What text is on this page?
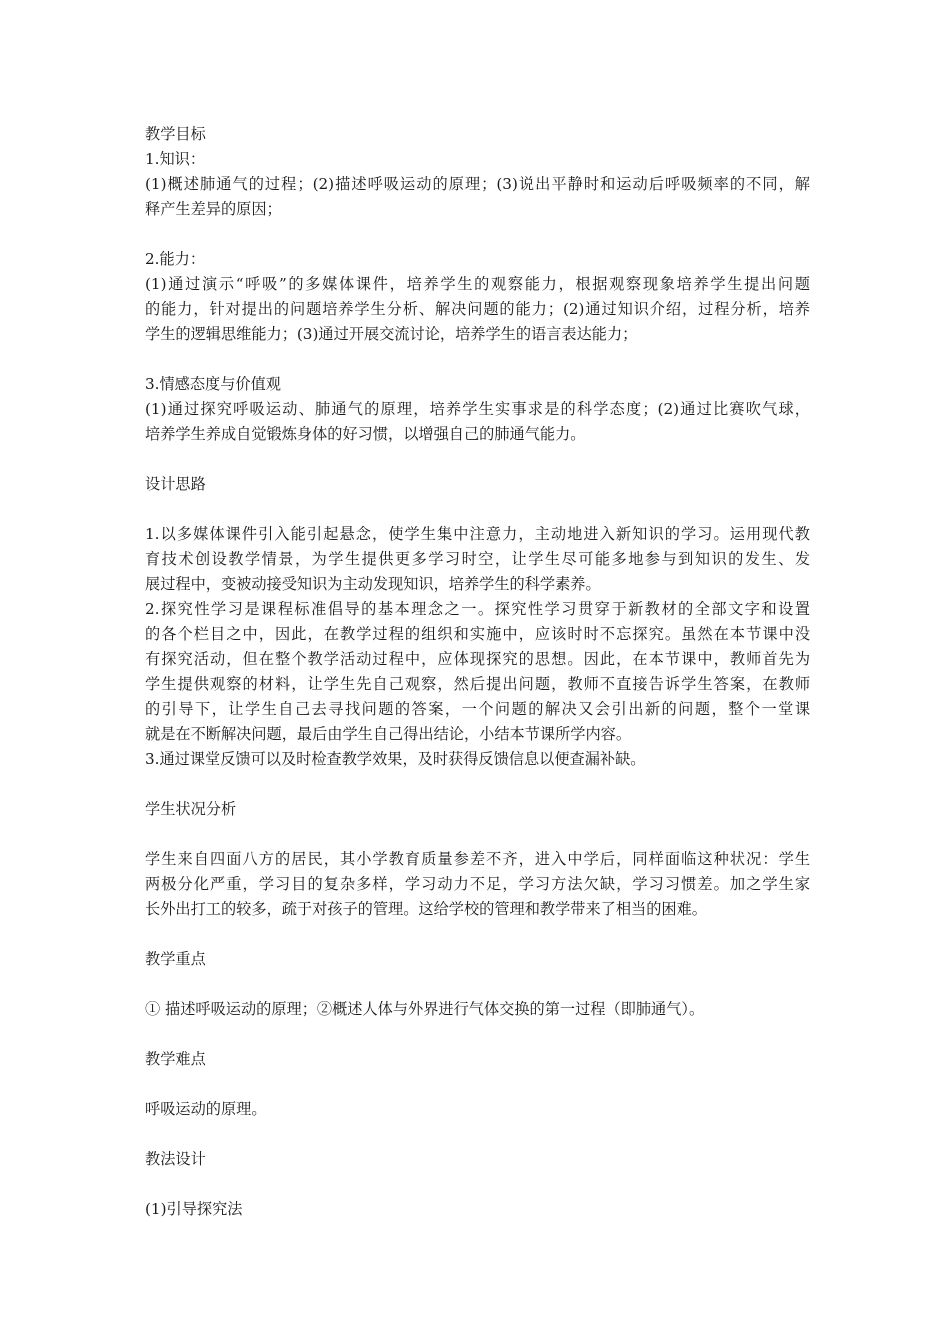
教学目标
1.知识：
(1)概述肺通气的过程；(2)描述呼吸运动的原理；(3)说出平静时和运动后呼吸频率的不同，解
释产生差异的原因；
2.能力：
(1)通过演示“呼吸”的多媒体课件，培养学生的观察能力，根据观察现象培养学生提出问题
的能力，针对提出的问题培养学生分析、解决问题的能力；(2)通过知识介绍，过程分析，培养
学生的逻辑思维能力；(3)通过开展交流讨论，培养学生的语言表达能力；
3.情感态度与价值观
(1)通过探究呼吸运动、肺通气的原理，培养学生实事求是的科学态度；(2)通过比赛吹气球，
培养学生养成自觉锻炼身体的好习惯，以增强自己的肺通气能力。
设计思路
1.以多媒体课件引入能引起悬念，使学生集中注意力，主动地进入新知识的学习。运用现代教
育技术创设教学情景，为学生提供更多学习时空，让学生尽可能多地参与到知识的发生、发
展过程中，变被动接受知识为主动发现知识，培养学生的科学素养。
2.探究性学习是课程标准倡导的基本理念之一。探究性学习贯穿于新教材的全部文字和设置
的各个栏目之中，因此，在教学过程的组织和实施中，应该时时不忘探究。虽然在本节课中没
有探究活动，但在整个教学活动过程中，应体现探究的思想。因此，在本节课中，教师首先为
学生提供观察的材料，让学生先自己观察，然后提出问题，教师不直接告诉学生答案，在教师
的引导下，让学生自己去寻找问题的答案，一个问题的解决又会引出新的问题，整个一堂课
就是在不断解决问题，最后由学生自己得出结论，小结本节课所学内容。
3.通过课堂反馈可以及时检查教学效果，及时获得反馈信息以便查漏补缺。
学生状况分析
学生来自四面八方的居民，其小学教育质量参差不齐，进入中学后，同样面临这种状况：学生
两极分化严重，学习目的复杂多样，学习动力不足，学习方法欠缺，学习习惯差。加之学生家
长外出打工的较多，疏于对孩子的管理。这给学校的管理和教学带来了相当的困难。
教学重点
① 描述呼吸运动的原理；②概述人体与外界进行气体交换的第一过程（即肺通气）。
教学难点
呼吸运动的原理。
教法设计
(1)引导探究法
